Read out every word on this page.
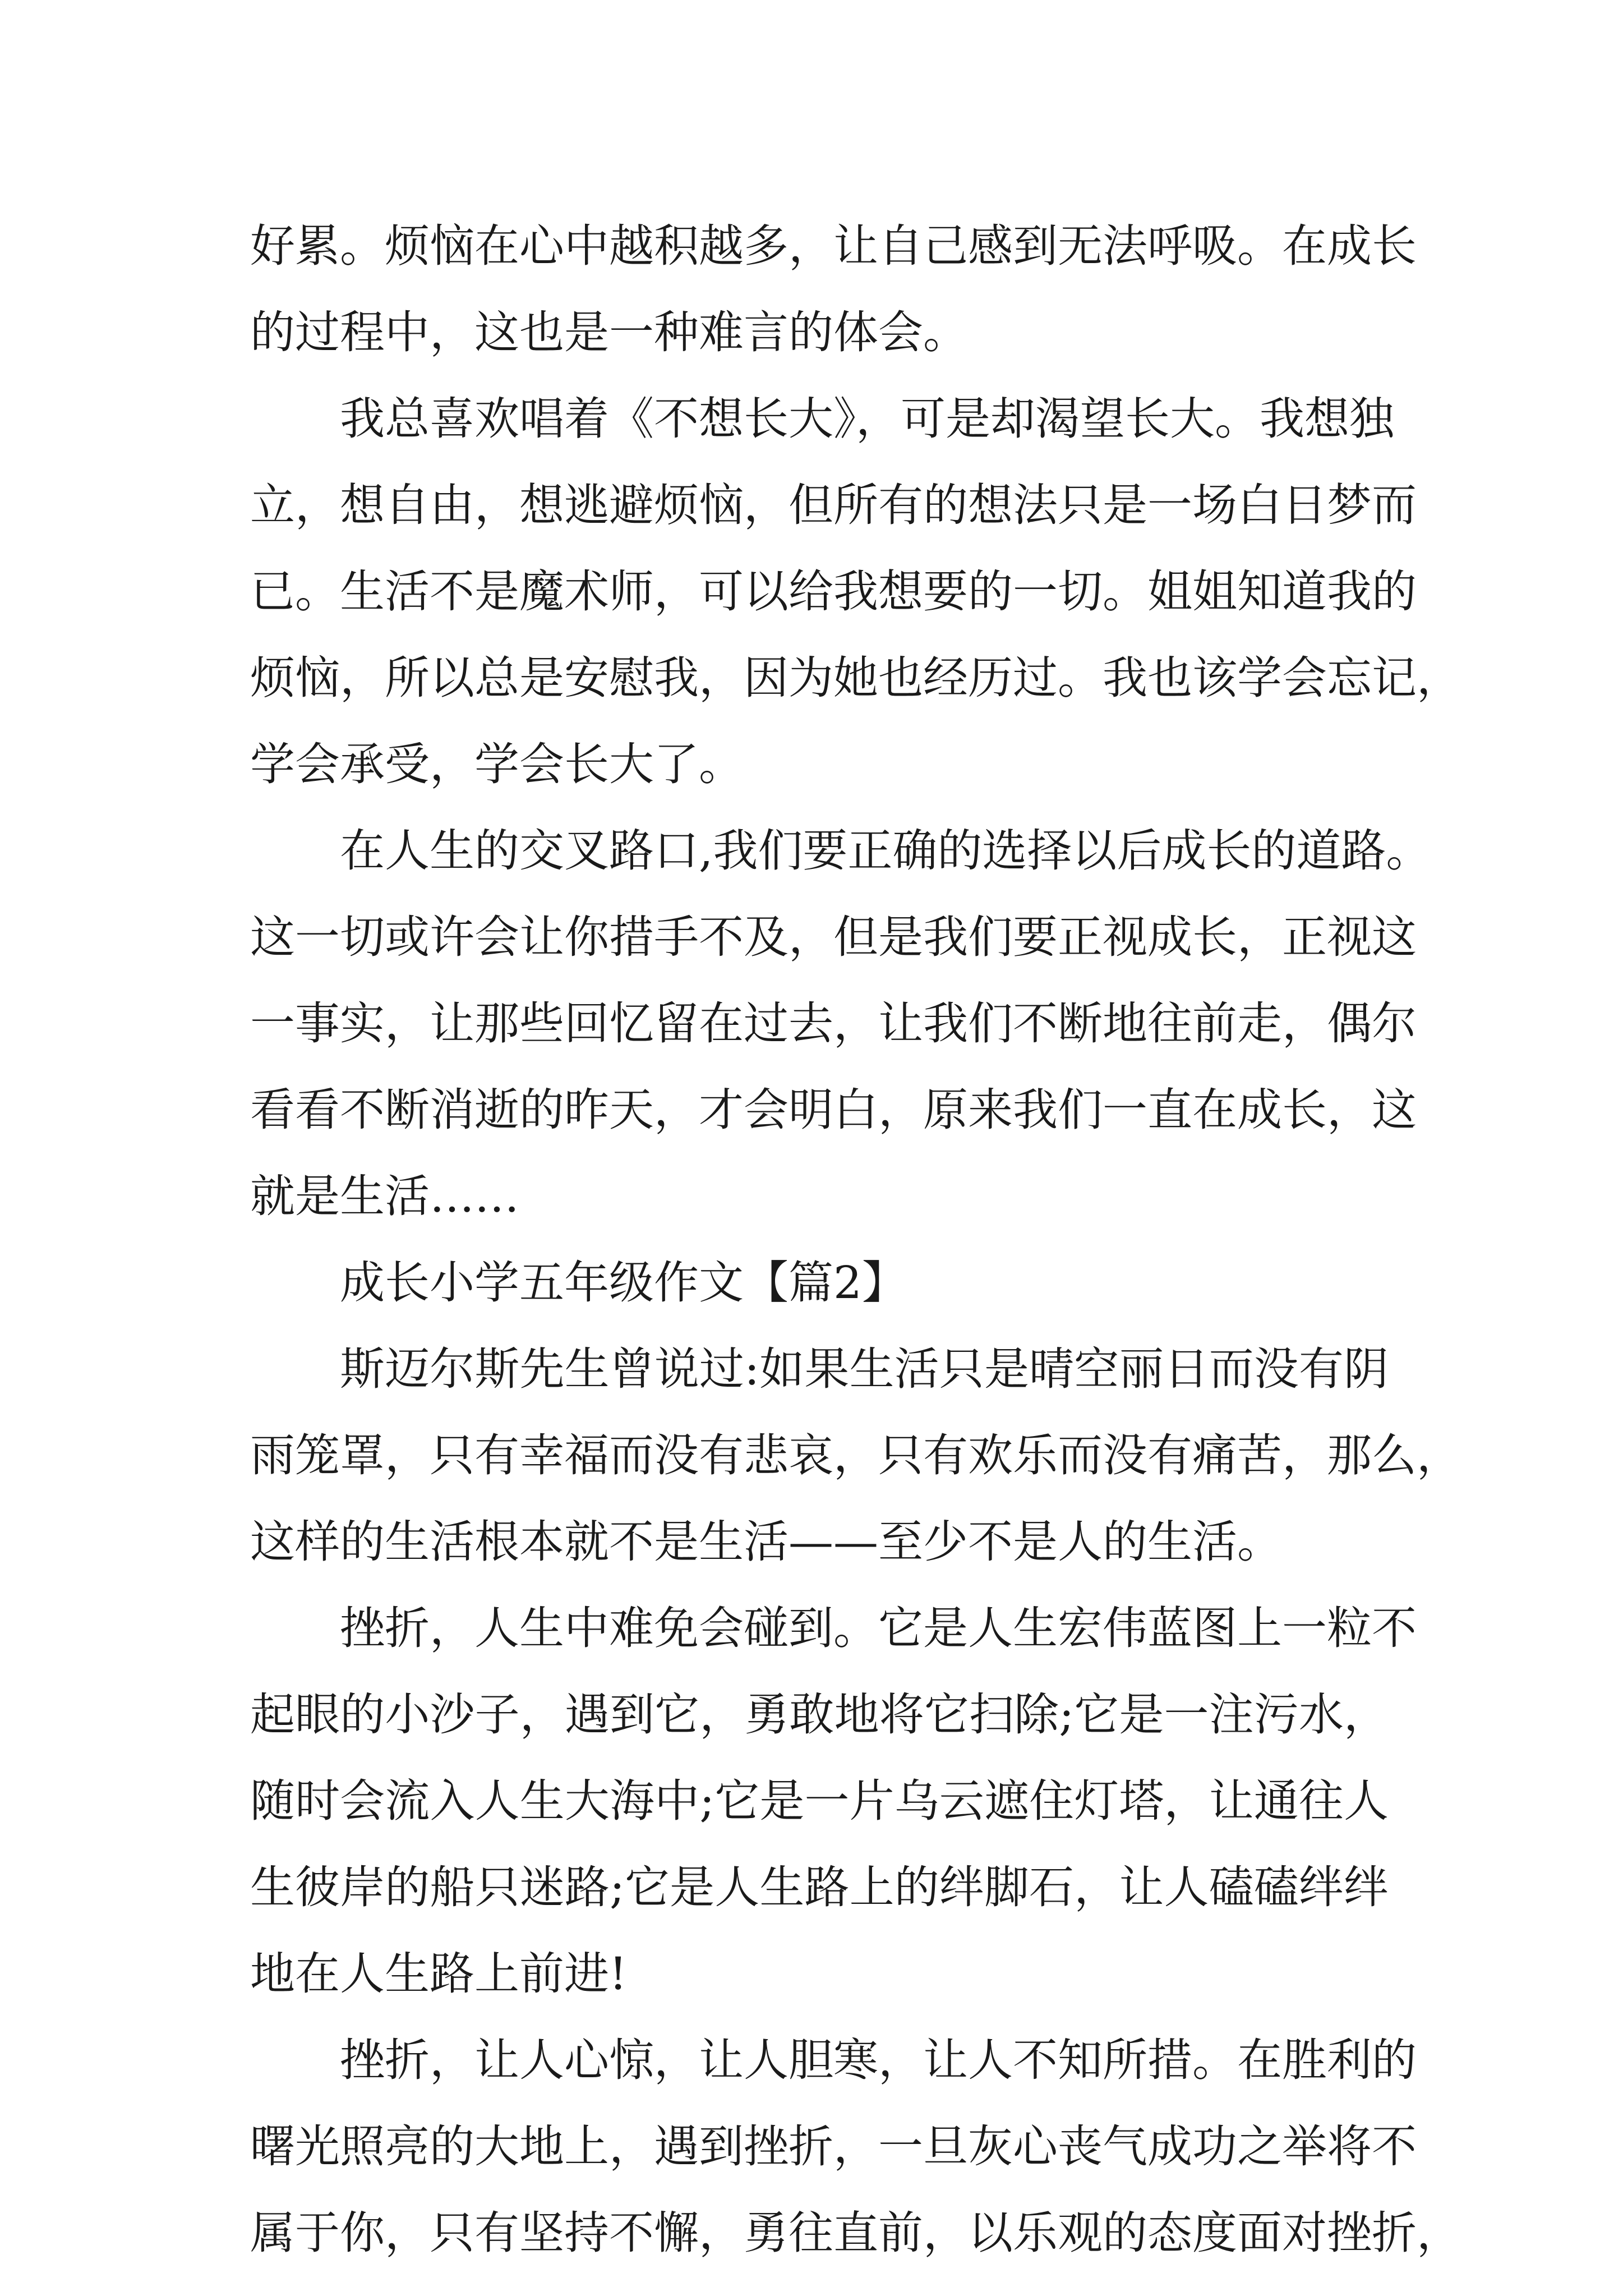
好累。烦恼在心中越积越多，让自己感到无法呼吸。在成长
的过程中，这也是一种难言的体会。
我总喜欢唱着《不想长大》，可是却渴望长大。我想独
立，想自由，想逃避烦恼，但所有的想法只是一场白日梦而
已。生活不是魔术师，可以给我想要的一切。姐姐知道我的
烦恼，所以总是安慰我，因为她也经历过。我也该学会忘记，
学会承受，学会长大了。
在人生的交叉路口,我们要正确的选择以后成长的道路。
这一切或许会让你措手不及，但是我们要正视成长，正视这
一事实，让那些回忆留在过去，让我们不断地往前走，偶尔
看看不断消逝的昨天，才会明白，原来我们一直在成长，这
就是生活……
成长小学五年级作文【篇2】
斯迈尔斯先生曾说过:如果生活只是晴空丽日而没有阴
雨笼罩，只有幸福而没有悲哀，只有欢乐而没有痛苦，那么，
这样的生活根本就不是生活——至少不是人的生活。
挫折，人生中难免会碰到。它是人生宏伟蓝图上一粒不
起眼的小沙子，遇到它，勇敢地将它扫除;它是一注污水，
随时会流入人生大海中;它是一片乌云遮住灯塔，让通往人
生彼岸的船只迷路;它是人生路上的绊脚石，让人磕磕绊绊
地在人生路上前进!
挫折，让人心惊，让人胆寒，让人不知所措。在胜利的
曙光照亮的大地上，遇到挫折，一旦灰心丧气成功之举将不
属于你，只有坚持不懈，勇往直前，以乐观的态度面对挫折，
